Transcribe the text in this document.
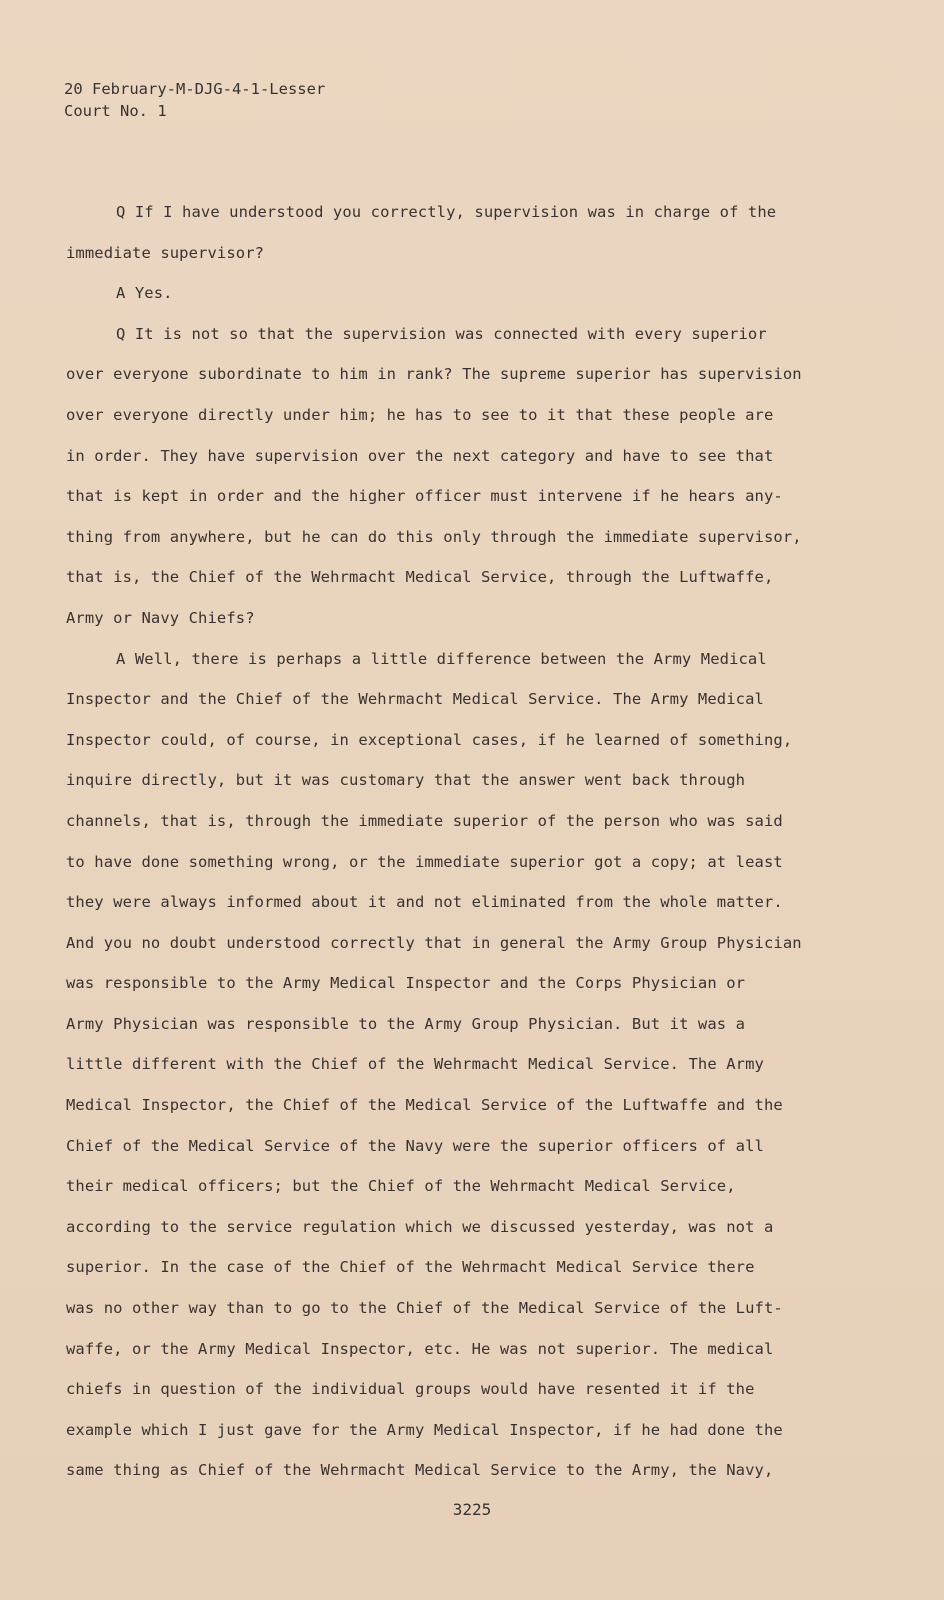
20 February-M-DJG-4-1-Lesser
Court No. 1
Q If I have understood you correctly, supervision was in charge of the
immediate supervisor?
A Yes.
Q It is not so that the supervision was connected with every superior
over everyone subordinate to him in rank? The supreme superior has supervision
over everyone directly under him; he has to see to it that these people are
in order. They have supervision over the next category and have to see that
that is kept in order and the higher officer must intervene if he hears any-
thing from anywhere, but he can do this only through the immediate supervisor,
that is, the Chief of the Wehrmacht Medical Service, through the Luftwaffe,
Army or Navy Chiefs?
A Well, there is perhaps a little difference between the Army Medical
Inspector and the Chief of the Wehrmacht Medical Service. The Army Medical
Inspector could, of course, in exceptional cases, if he learned of something,
inquire directly, but it was customary that the answer went back through
channels, that is, through the immediate superior of the person who was said
to have done something wrong, or the immediate superior got a copy; at least
they were always informed about it and not eliminated from the whole matter.
And you no doubt understood correctly that in general the Army Group Physician
was responsible to the Army Medical Inspector and the Corps Physician or
Army Physician was responsible to the Army Group Physician. But it was a
little different with the Chief of the Wehrmacht Medical Service. The Army
Medical Inspector, the Chief of the Medical Service of the Luftwaffe and the
Chief of the Medical Service of the Navy were the superior officers of all
their medical officers; but the Chief of the Wehrmacht Medical Service,
according to the service regulation which we discussed yesterday, was not a
superior. In the case of the Chief of the Wehrmacht Medical Service there
was no other way than to go to the Chief of the Medical Service of the Luft-
waffe, or the Army Medical Inspector, etc. He was not superior. The medical
chiefs in question of the individual groups would have resented it if the
example which I just gave for the Army Medical Inspector, if he had done the
same thing as Chief of the Wehrmacht Medical Service to the Army, the Navy,
3225
